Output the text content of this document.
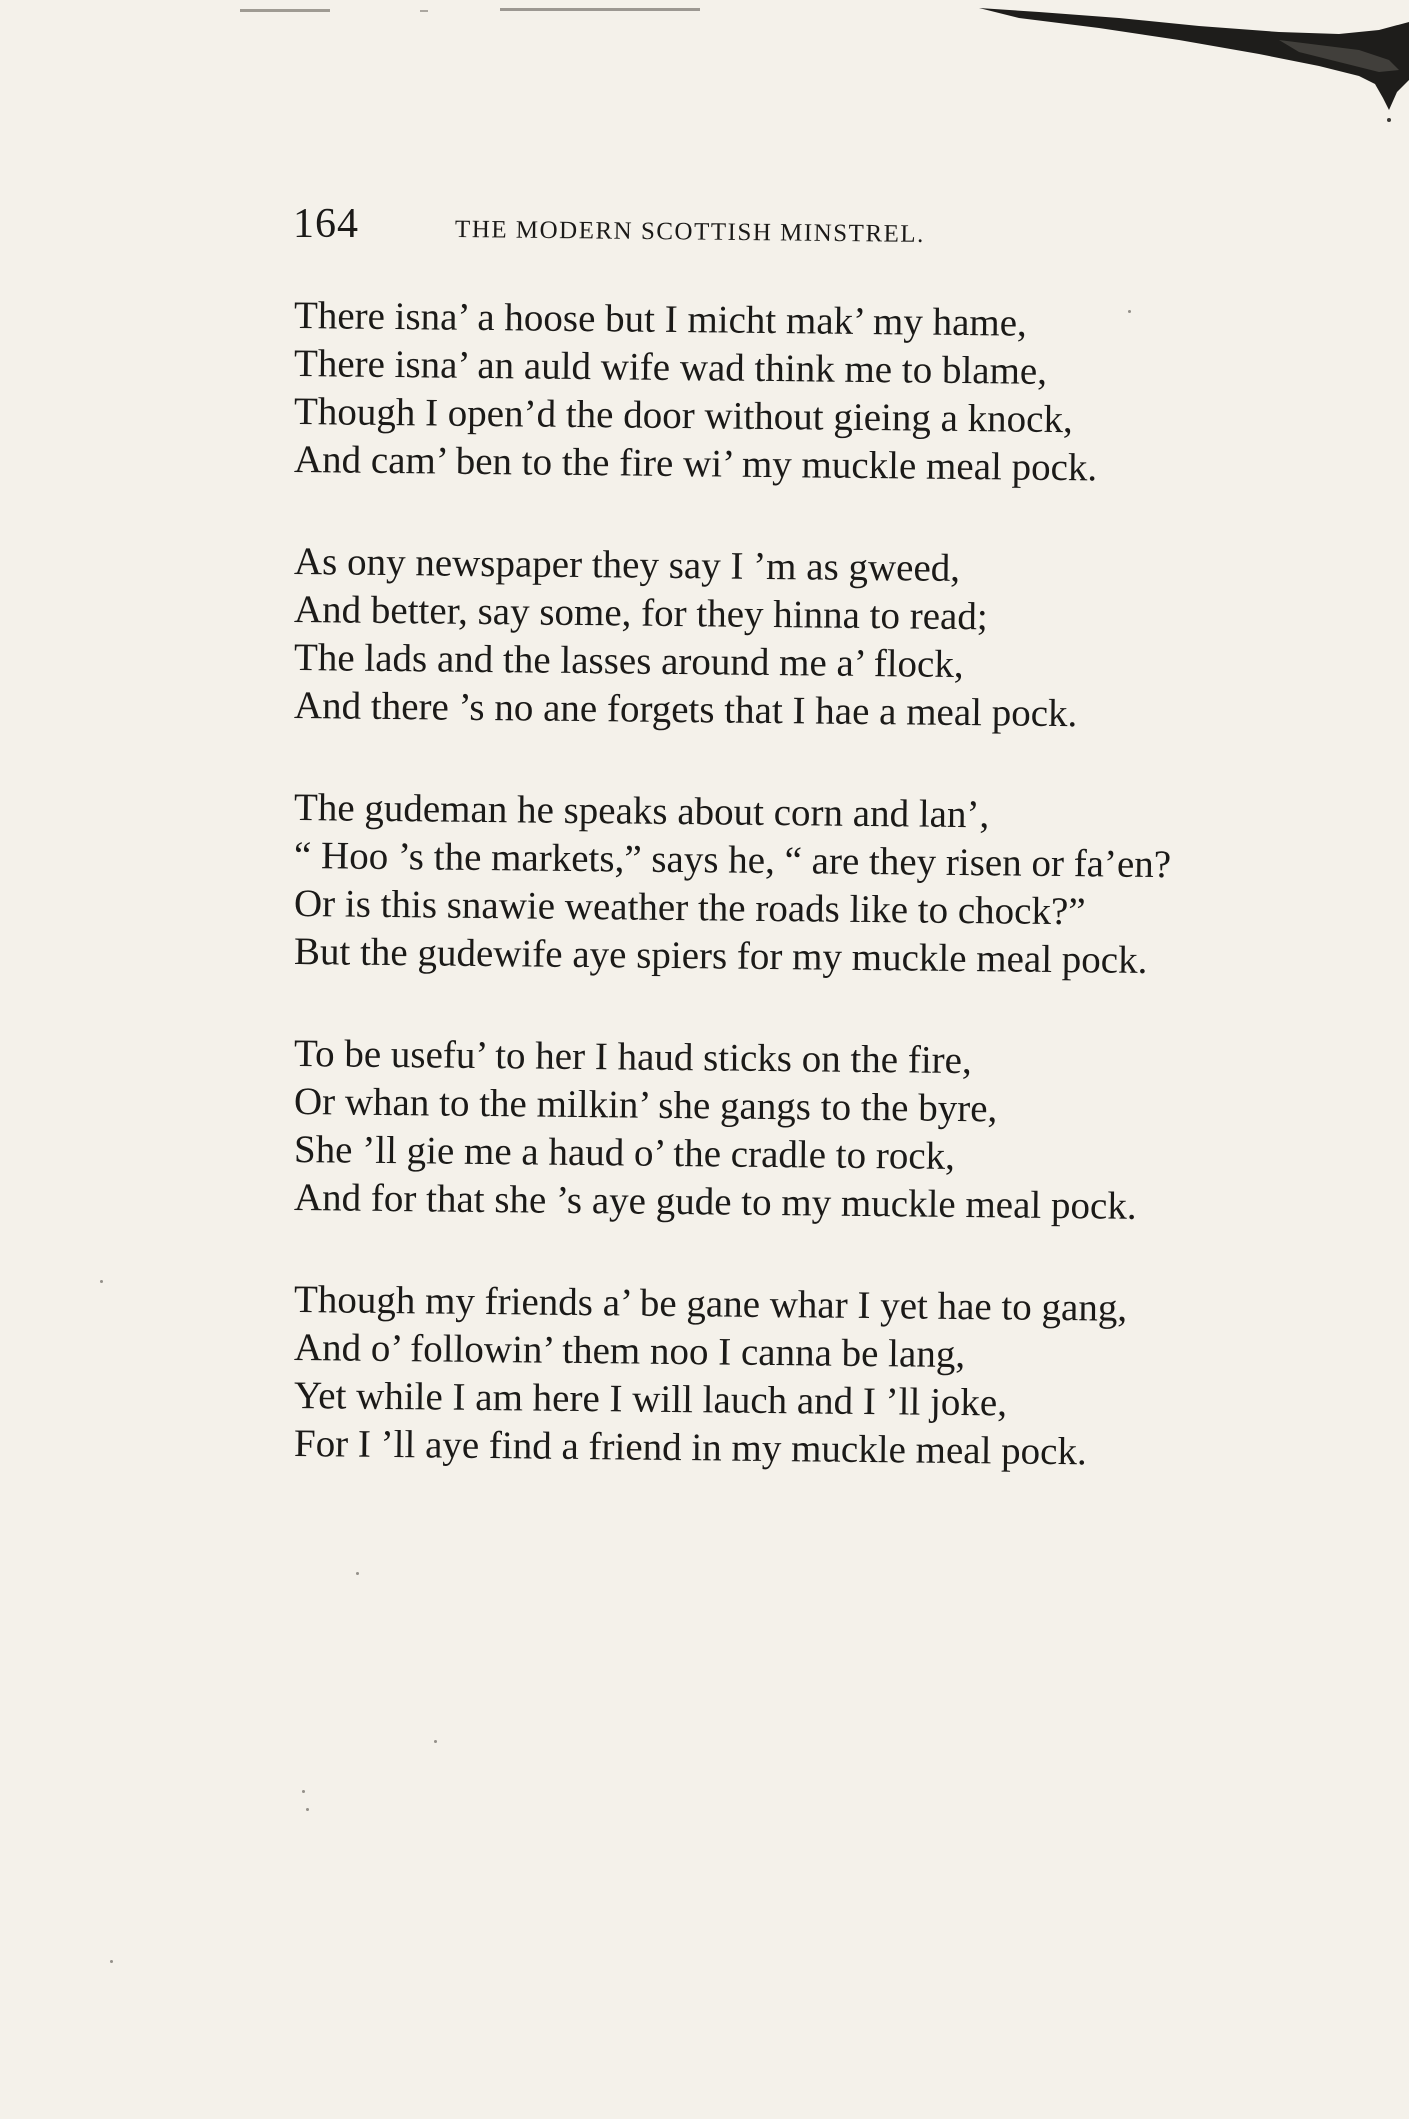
164	THE MODERN SCOTTISH MINSTREL.
There isna’ a hoose but I micht mak’ my hame,
There isna’ an auld wife wad think me to blame,
Though I open’d the door without gieing a knock,
And cam’ ben to the fire wi’ my muckle meal pock.
As ony newspaper they say I ’m as gweed,
And better, say some, for they hinna to read;
The lads and the lasses around me a’ flock,
And there ’s no ane forgets that I hae a meal pock.
The gudeman he speaks about corn and lan’,
“ Hoo ’s the markets,” says he, “ are they risen or fa’en?
Or is this snawie weather the roads like to chock?”
But the gudewife aye spiers for my muckle meal pock.
To be usefu’ to her I haud sticks on the fire,
Or whan to the milkin’ she gangs to the byre,
She ’ll gie me a haud o’ the cradle to rock,
And for that she ’s aye gude to my muckle meal pock.
Though my friends a’ be gane whar I yet hae to gang,
And o’ followin’ them noo I canna be lang,
Yet while I am here I will lauch and I ’ll joke,
For I ’ll aye find a friend in my muckle meal pock.
